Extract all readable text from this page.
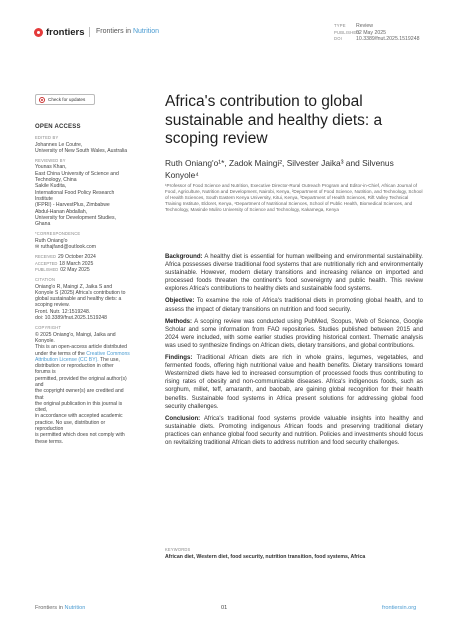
frontiers Frontiers in Nutrition
TYPE Review
PUBLISHED02 May 2025
DOI	10.3389/fnut.2025.1519248
Check for updates
OPEN ACCESS
EDITED BY
Johannes Le Coutre,
University of New South Wales, Australia
REVIEWED BY
Younas Khan,
East China University of Science and
Technology, China
Sakile Kudita,
International Food Policy Research Institute
(IFPRI) - HarvestPlus, Zimbabwe
Abdul-Hanan Abdallah,
University for Development Studies, Ghana
*CORRESPONDENCE
Ruth Oniang'o
✉ ruthajfand@outlook.com
RECEIVED 29 October 2024
ACCEPTED 18 March 2025
PUBLISHED 02 May 2025
CITATION
Oniang'o R, Maingi Z, Jaika S and
Konyole S (2025) Africa's contribution to
global sustainable and healthy diets: a
scoping review.
Front. Nutr. 12:1519248.
doi: 10.3389/fnut.2025.1519248
COPYRIGHT
© 2025 Oniang'o, Maingi, Jaika and Konyole.
This is an open-access article distributed
under the terms of the Creative Commons
Attribution License (CC BY). The use,
distribution or reproduction in other forums is
permitted, provided the original author(s) and
the copyright owner(s) are credited and that
the original publication in this journal is cited,
in accordance with accepted academic
practice. No use, distribution or reproduction
is permitted which does not comply with
these terms.
Africa's contribution to global sustainable and healthy diets: a scoping review
Ruth Oniang'o¹*, Zadok Maingi², Silvester Jaika³ and Silvenus Konyole⁴
¹Professor of Food Science and Nutrition, Executive Director-Rural Outreach Program and Editor-in-Chief, African Journal of Food, Agriculture, Nutrition and Development, Nairobi, Kenya, ²Department of Food Science, Nutrition, and Technology, School of Health Sciences, South Eastern Kenya University, Kitui, Kenya, ³Department of Health Sciences, Rift Valley Technical Training Institute, Eldoret, Kenya, ⁴Department of Nutritional Sciences, School of Public Health, Biomedical Sciences, and Technology, Masinde Muliro University of Science and Technology, Kakamega, Kenya

Background: A healthy diet is essential for human wellbeing and environmental sustainability. Africa possesses diverse traditional food systems that are nutritionally rich and environmentally sustainable. However, modern dietary transitions and increasing reliance on imported and processed foods threaten the continent's food sovereignty and public health. This review explores Africa's contributions to healthy diets and sustainable food systems.

Objective: To examine the role of Africa's traditional diets in promoting global health, and to assess the impact of dietary transitions on nutrition and food security.

Methods: A scoping review was conducted using PubMed, Scopus, Web of Science, Google Scholar and some information from FAO repositories. Studies published between 2015 and 2024 were included, with some earlier studies providing historical context. Thematic analysis was used to synthesize findings on African diets, dietary transitions, and global contributions.

Findings: Traditional African diets are rich in whole grains, legumes, vegetables, and fermented foods, offering high nutritional value and health benefits. Dietary transitions toward Westernized diets have led to increased consumption of processed foods thus contributing to rising rates of obesity and non-communicable diseases. Africa's indigenous foods, such as sorghum, millet, teff, amaranth, and baobab, are gaining global recognition for their health benefits. Sustainable food systems in Africa present solutions for addressing global food security challenges.

Conclusion: Africa's traditional food systems provide valuable insights into healthy and sustainable diets. Promoting indigenous African foods and preserving traditional dietary practices can enhance global food security and nutrition. Policies and investments should focus on revitalizing traditional African diets to address nutrition and food security challenges.

KEYWORDS
African diet, Western diet, food security, nutrition transition, food systems, Africa
Frontiers in Nutrition	01	frontiersin.org
